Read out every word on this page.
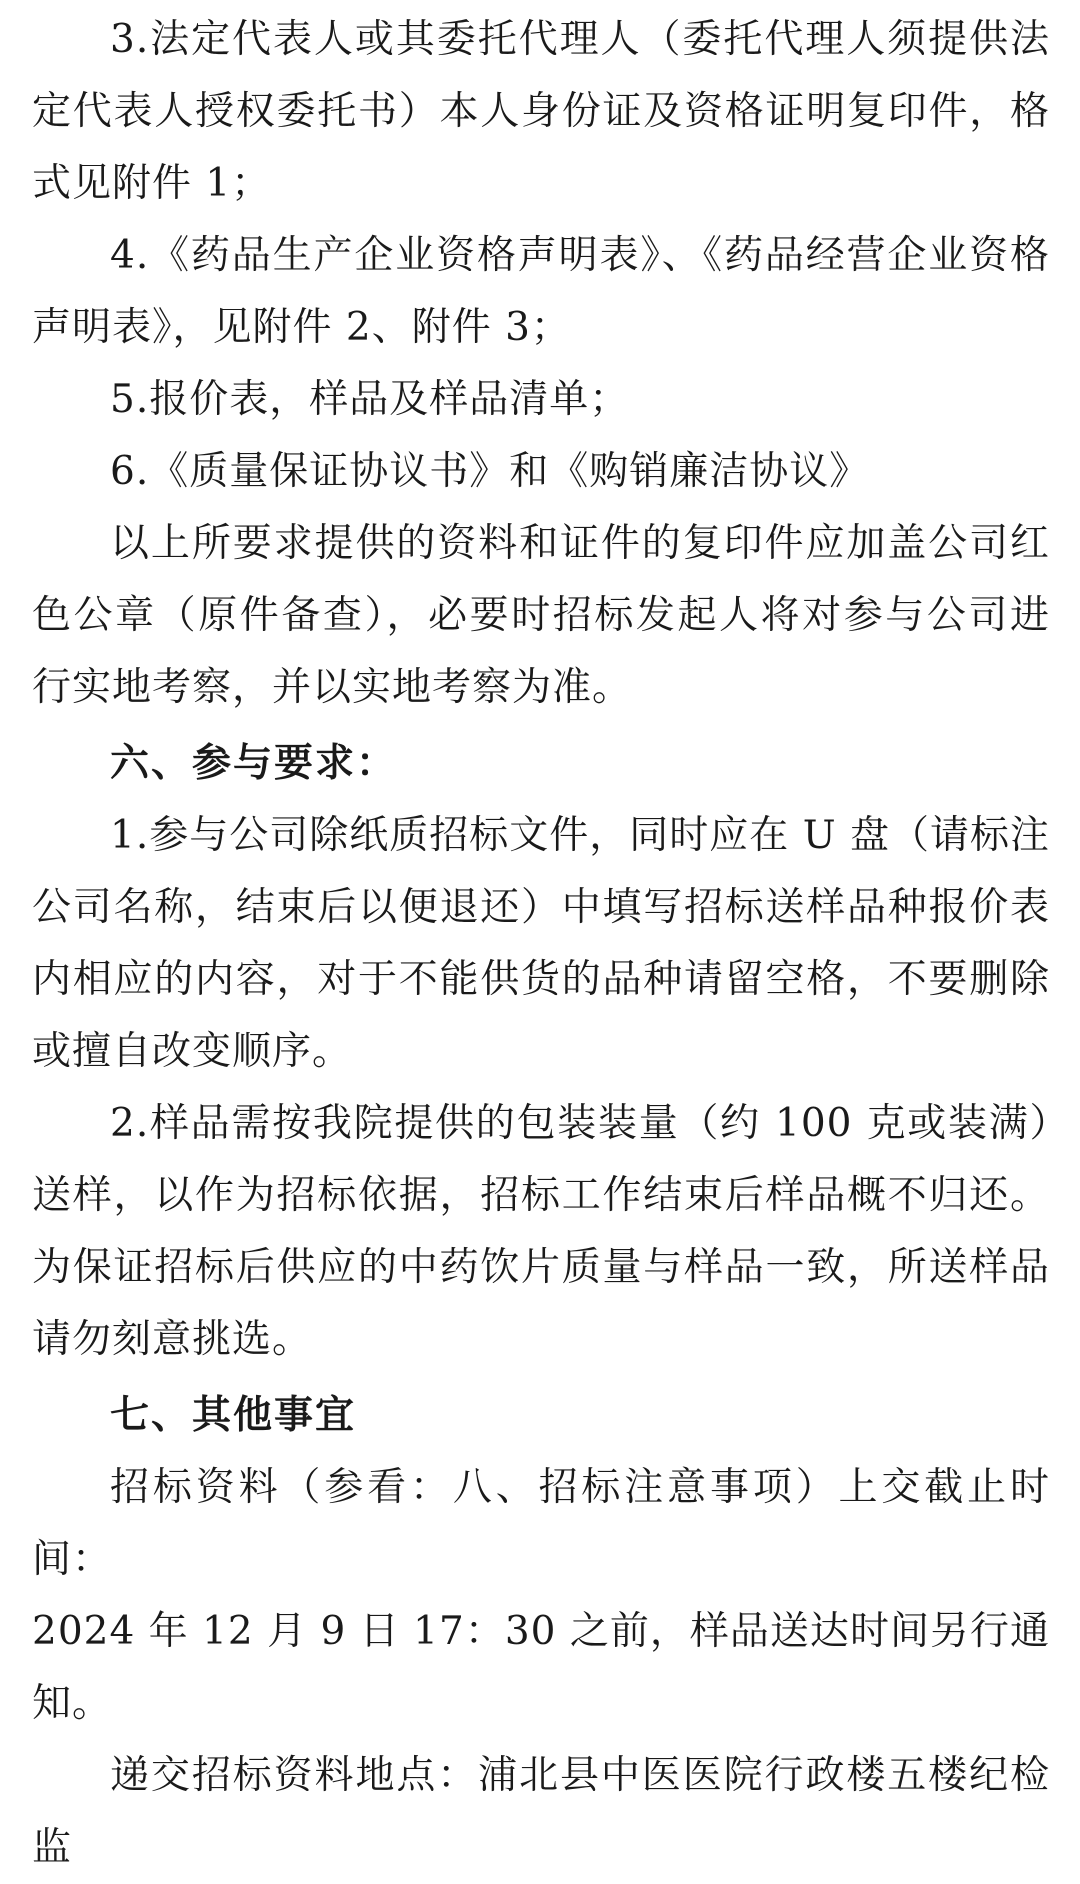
3.法定代表人或其委托代理人（委托代理人须提供法定代表人授权委托书）本人身份证及资格证明复印件，格式见附件 1；

4.《药品生产企业资格声明表》、《药品经营企业资格声明表》，见附件 2、附件 3；

5.报价表，样品及样品清单；

6.《质量保证协议书》和《购销廉洁协议》

以上所要求提供的资料和证件的复印件应加盖公司红色公章（原件备查），必要时招标发起人将对参与公司进行实地考察，并以实地考察为准。

六、参与要求：

1.参与公司除纸质招标文件，同时应在 U 盘（请标注公司名称，结束后以便退还）中填写招标送样品种报价表内相应的内容，对于不能供货的品种请留空格，不要删除或擅自改变顺序。

2.样品需按我院提供的包装装量（约 100 克或装满）送样，以作为招标依据，招标工作结束后样品概不归还。为保证招标后供应的中药饮片质量与样品一致，所送样品请勿刻意挑选。

七、其他事宜

招标资料（参看：八、招标注意事项）上交截止时间：

2024 年 12 月 9 日 17：30 之前，样品送达时间另行通知。

递交招标资料地点：浦北县中医医院行政楼五楼纪检监
